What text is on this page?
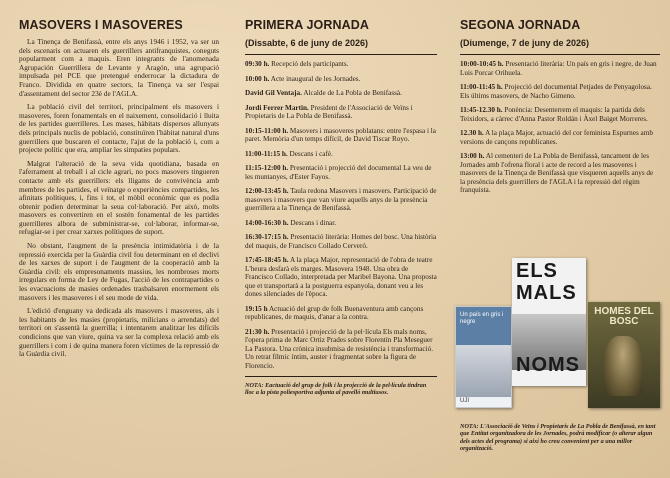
MASOVERS I MASOVERES

La Tinença de Benifassà, entre els anys 1946 i 1952, va ser un dels escenaris on actuaren els guerrillers antifranquistes, coneguts popularment com a maquis. Eren integrants de l'anomenada Agrupación Guerrillera de Levante y Aragón, una agrupació impulsada pel PCE que pretengué enderrocar la dictadura de Franco. Dividida en quatre sectors, la Tinença va ser l'espai d'assentament del sector 23è de l'AGLA.

La població civil del territori, principalment els masovers i masoveres, foren fonamentals en el naixement, consolidació i lluita de les partides guerrilleres. Les mases, hàbitats dispersos allunyats dels principals nuclis de població, constituïren l'hàbitat natural d'uns guerrillers que buscaren el contacte, l'ajut de la població i, com a projecte polític que era, ampliar les simpaties populars.

Malgrat l'alteració de la seva vida quotidiana, basada en l'aferrament al treball i al cicle agrari, no pocs masovers tingueren contacte amb els guerrillers: els lligams de convivència amb membres de les partides, el veïnatge o experiències compartides, les afinitats polítiques, i, fins i tot, el mòbil econòmic que es podia obtenir podien determinar la seua col·laboració. Per això, molts masovers es convertiren en el sostén fonamental de les partides guerrilleres albora de subministrar-se, col·laborar, informar-se, refugiar-se i per crear xarxes polítiques de suport.

No obstant, l'augment de la presència intimidatòria i de la repressió exercida per la Guàrdia civil fou determinant en el declivi de les xarxes de suport i de l'augment de la cooperació amb la Guàrdia civil: els empresonaments massius, les nombroses morts irregulars en forma de Ley de Fugas, l'acció de les contrapartides o les evacuacions de masies ordenades trasbalsaren enormement els masovers i les masoveres i el seu mode de vida.

L'edició d'enguany va dedicada als masovers i masoveres, als i les habitants de les masies (propietaris, milicians o arrendats) del territori on s'assentà la guerrilla; i intentarem analitzar les difícils condicions que van viure, quina va ser la complexa relació amb els guerrillers i com i de quina manera foren víctimes de la repressió de la Guàrdia civil.

PRIMERA JORNADA
(Dissabte, 6 de juny de 2026)
09:30 h. Recepció dels participants.
10:00 h. Acte inaugural de les Jornades.
David Gil Ventaja. Alcalde de La Pobla de Benifassà.
Jordi Ferrer Martin. President de l'Associació de Veïns i Propietaris de La Pobla de Benifassà.
10:15-11:00 h. Masovers i masoveres poblatans: entre l'espasa i la paret. Memòria d'un temps difícil, de David Tiscar Royo.
11:00-11:15 h. Descans i cafè.
11:15-12:00 h. Presentació i projecció del documental La veu de les muntanyes, d'Ester Fayos.
12:00-13:45 h. Taula redona Masovers i masovers. Participació de masovers i masovers que van viure aquells anys de la presència guerrillera a la Tinença de Benifassà.
14:00-16:30 h. Descans i dinar.
16:30-17:15 h. Presentació literària: Homes del bosc. Una història del maquis, de Francisco Collado Cerveró.
17:45-18:45 h. A la plaça Major, representació de l'obra de teatre L'heura desfarà els marges. Masovera 1948. Una obra de Francisco Collado, interpretada per Maribel Bayona. Una proposta que et transportarà a la postguerra espanyola, donant veu a les dones silenciades de l'època.
19:15 h Actuació del grup de folk Buenaventura amb cançons republicanes, de maquis, d'anar a la contra.
21:30 h. Presentació i projecció de la pel·lícula Els mals noms, l'opera prima de Marc Ortiz Prades sobre Florentín Pla Meseguer La Pastora. Una crònica insubmisa de resistència i transformació. Un retrat fílmic íntim, auster i fragmentat sobre la figura de Florencio.
NOTA: Eactuació del grup de folk i la projecció de la pel·lícula tindran lloc a la pista poliesportiva adjunta al pavelló multiusos.
SEGONA JORNADA
(Diumenge, 7 de juny de 2026)
10:00-10:45 h. Presentació literària: Un país en gris i negre, de Juan Luis Porcar Orihuela.
11:00-11:45 h. Projecció del documental Petjades de Penyagolosa. Els últims masovers, de Nacho Gimeno.
11:45-12.30 h. Ponència: Desenterrem el maquis: la partida dels Teixidors, a càrrec d'Anna Pastor Roldán i Àxel Baiget Morreres.
12.30 h. A la plaça Major, actuació del cor feminista Espurnes amb versions de cançons republicanes.
13:00 h. Al cementeri de La Pobla de Benifassà, tancament de les Jornades amb l'ofrena floral i acte de record a les masoveres i masovers de la Tinença de Benifassà que visqueren aquells anys de la presència dels guerrillers de l'AGLA i la repressió del règim franquista.
Un país en gris i negre
UJI
ELS
MALS
NOMS
HOMES DEL BOSC
NOTA: L'Associació de Veïns i Propietaris de La Pobla de Benifassà, en tant que Entitat organitzadora de les Jornades, podrà modificar (o alterar algun dels actes del programa) si així ho creu convenient per a una millor organització.
